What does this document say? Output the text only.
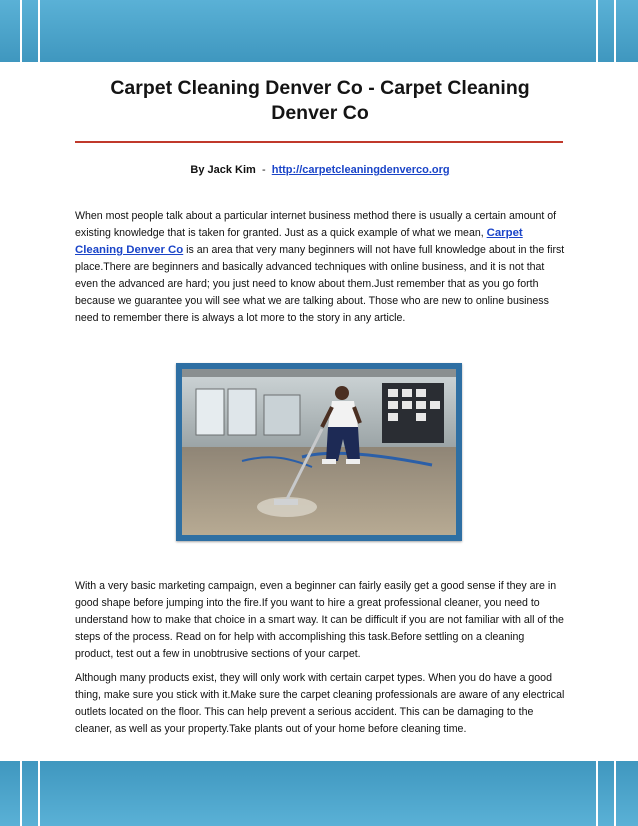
Carpet Cleaning Denver Co - Carpet Cleaning Denver Co
By Jack Kim - http://carpetcleaningdenverco.org

When most people talk about a particular internet business method there is usually a certain amount of existing knowledge that is taken for granted. Just as a quick example of what we mean, Carpet Cleaning Denver Co is an area that very many beginners will not have full knowledge about in the first place.There are beginners and basically advanced techniques with online business, and it is not that even the advanced are hard; you just need to know about them.Just remember that as you go forth because we guarantee you will see what we are talking about. Those who are new to online business need to remember there is always a lot more to the story in any article.

With a very basic marketing campaign, even a beginner can fairly easily get a good sense if they are in good shape before jumping into the fire.If you want to hire a great professional cleaner, you need to understand how to make that choice in a smart way. It can be difficult if you are not familiar with all of the steps of the process. Read on for help with accomplishing this task.Before settling on a cleaning product, test out a few in unobtrusive sections of your carpet.

Although many products exist, they will only work with certain carpet types. When you do have a good thing, make sure you stick with it.Make sure the carpet cleaning professionals are aware of any electrical outlets located on the floor. This can help prevent a serious accident. This can be damaging to the cleaner, as well as your property.Take plants out of your home before cleaning time.
